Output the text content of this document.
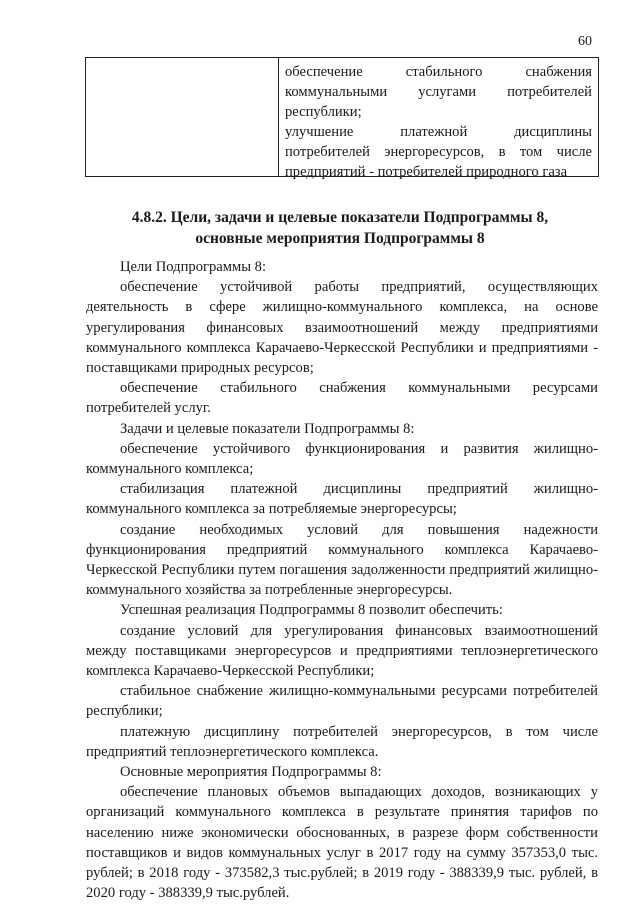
60

обеспечение стабильного снабжения коммунальными услугами потребителей республики;

улучшение платежной дисциплины потребителей энергоресурсов, в том числе предприятий - потребителей природного газа

4.8.2. Цели, задачи и целевые показатели Подпрограммы 8,
основные мероприятия Подпрограммы 8

Цели Подпрограммы 8:

обеспечение устойчивой работы предприятий, осуществляющих деятельность в сфере жилищно-коммунального комплекса, на основе урегулирования финансовых взаимоотношений между предприятиями коммунального комплекса Карачаево-Черкесской Республики и предприятиями - поставщиками природных ресурсов;

обеспечение стабильного снабжения коммунальными ресурсами потребителей услуг.

Задачи и целевые показатели Подпрограммы 8:

обеспечение устойчивого функционирования и развития жилищно-коммунального комплекса;

стабилизация платежной дисциплины предприятий жилищно-коммунального комплекса за потребляемые энергоресурсы;

создание необходимых условий для повышения надежности функционирования предприятий коммунального комплекса Карачаево-Черкесской Республики путем погашения задолженности предприятий жилищно-коммунального хозяйства за потребленные энергоресурсы.

Успешная реализация Подпрограммы 8 позволит обеспечить:

создание условий для урегулирования финансовых взаимоотношений между поставщиками энергоресурсов и предприятиями теплоэнергетического комплекса Карачаево-Черкесской Республики;

стабильное снабжение жилищно-коммунальными ресурсами потребителей республики;

платежную дисциплину потребителей энергоресурсов, в том числе предприятий теплоэнергетического комплекса.

Основные мероприятия Подпрограммы 8:

обеспечение плановых объемов выпадающих доходов, возникающих у организаций коммунального комплекса в результате принятия тарифов по населению ниже экономически обоснованных, в разрезе форм собственности поставщиков и видов коммунальных услуг в 2017 году на сумму 357353,0 тыс. рублей; в 2018 году - 373582,3 тыс.рублей; в 2019 году - 388339,9 тыс. рублей, в 2020 году - 388339,9 тыс.рублей.
